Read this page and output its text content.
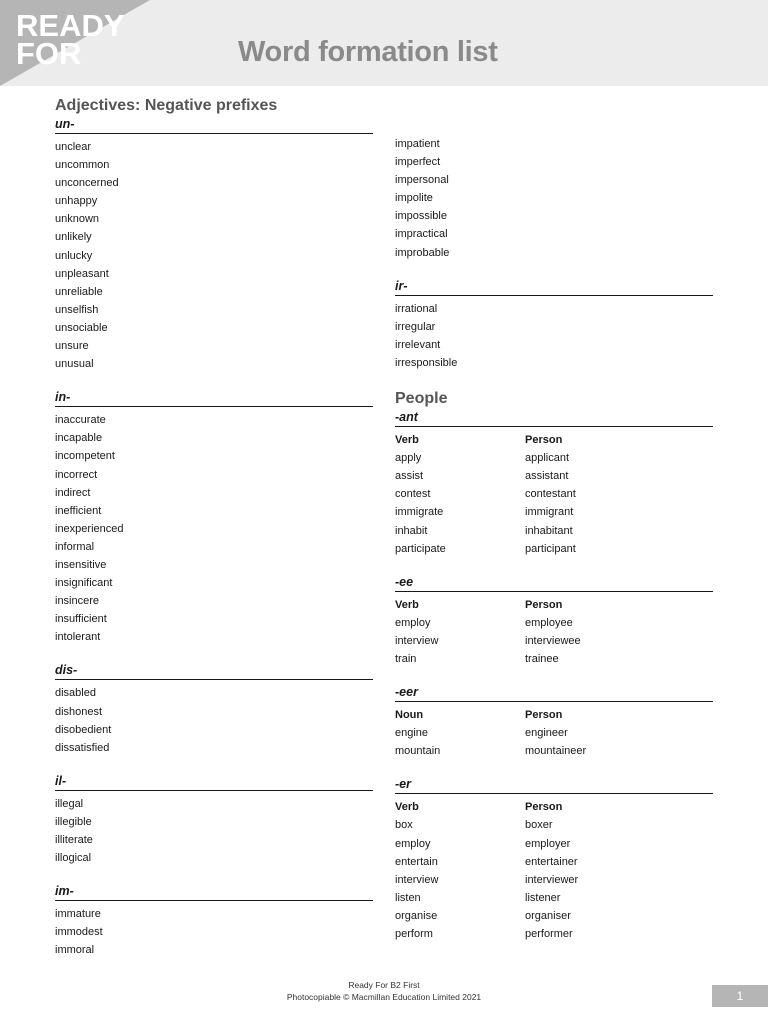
READY
FOR	Word formation list
Adjectives: Negative prefixes
un-
unclear
uncommon
unconcerned
unhappy
unknown
unlikely
unlucky
unpleasant
unreliable
unselfish
unsociable
unsure
unusual
in-
inaccurate
incapable
incompetent
incorrect
indirect
inefficient
inexperienced
informal
insensitive
insignificant
insincere
insufficient
intolerant
dis-
disabled
dishonest
disobedient
dissatisfied
il-
illegal
illegible
illiterate
illogical
im-
immature
immodest
immoral
impatient
imperfect
impersonal
impolite
impossible
impractical
improbable
ir-
irrational
irregular
irrelevant
irresponsible
People
-ant
Verb	Person
apply	applicant
assist	assistant
contest	contestant
immigrate	immigrant
inhabit	inhabitant
participate	participant
-ee
Verb	Person
employ	employee
interview	interviewee
train	trainee
-eer
Noun	Person
engine	engineer
mountain	mountaineer
-er
Verb	Person
box	boxer
employ	employer
entertain	entertainer
interview	interviewer
listen	listener
organise	organiser
perform	performer
Ready For B2 First
Photocopiable © Macmillan Education Limited 2021	1
